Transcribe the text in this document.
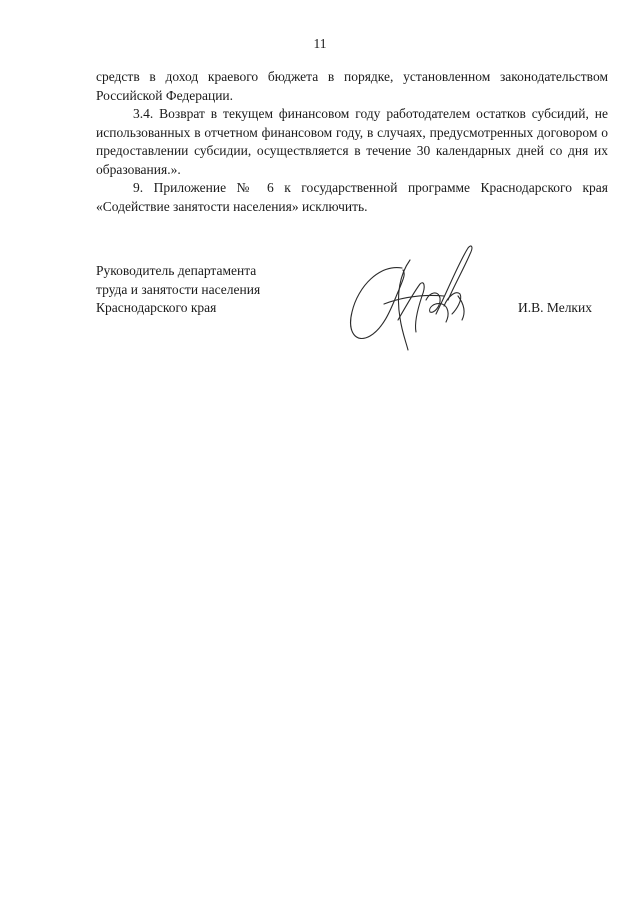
11

средств в доход краевого бюджета в порядке, установленном законодательством Российской Федерации.

3.4. Возврат в текущем финансовом году работодателем остатков субсидий, не использованных в отчетном финансовом году, в случаях, предусмотренных договором о предоставлении субсидии, осуществляется в течение 30 календарных дней со дня их образования.».

9. Приложение № 6 к государственной программе Краснодарского края «Содействие занятости населения» исключить.

Руководитель департамента
труда и занятости населения
Краснодарского края	И.В. Мелких
